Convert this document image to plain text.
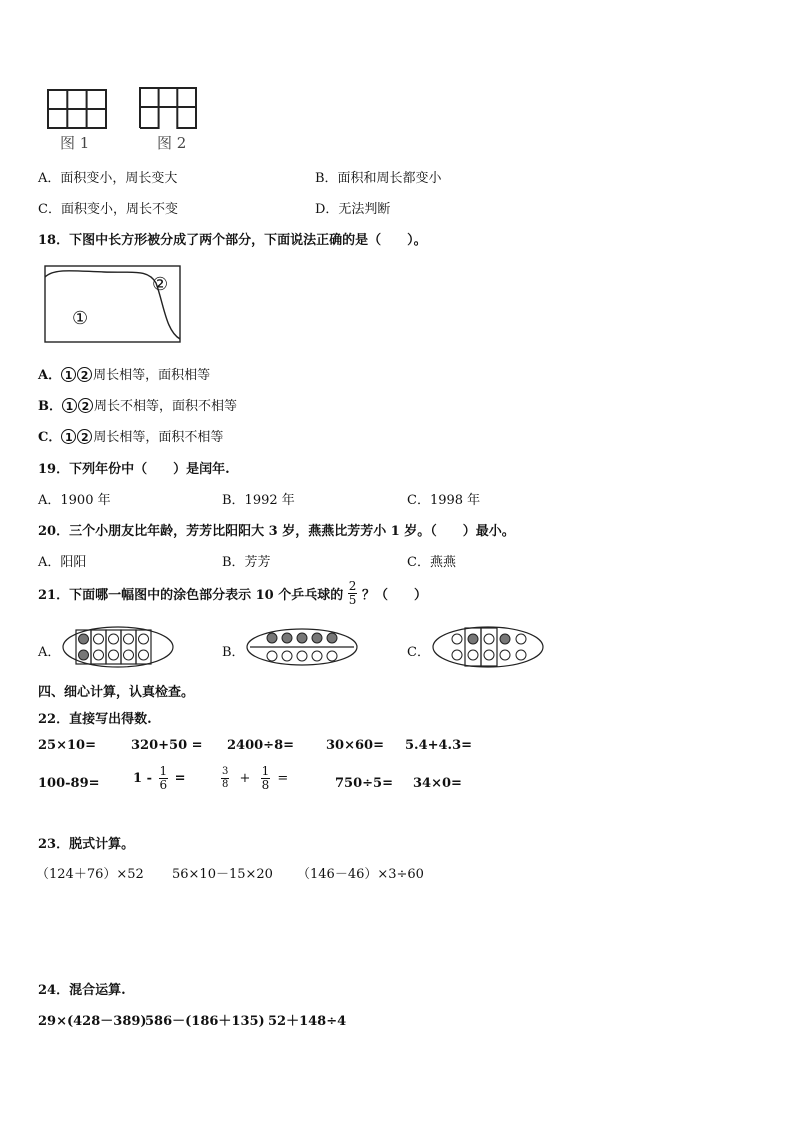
图 1	图 2
A．面积变小，周长变大	B．面积和周长都变小
C．面积变小，周长不变	D．无法判断
18．下图中长方形被分成了两个部分，下面说法正确的是（　　）。
①
②
A． 1 2 周长相等，面积相等
B． 1 2 周长不相等，面积不相等
C． 1 2 周长相等，面积不相等
19．下列年份中（　　）是闰年.
A．1900 年	B．1992 年	C．1998 年
20．三个小朋友比年龄，芳芳比阳阳大 3 岁，燕燕比芳芳小 1 岁。（　　）最小。
A．阳阳	B．芳芳	C．燕燕
21．下面哪一幅图中的涂色部分表示 10 个乒乓球的 $\frac{2}{5}$ ？（　　）
A．	B．	C．
四、细心计算，认真检查。
22．直接写出得数.
25×10=	320+50 = 2400÷8= 30×60= 5.4+4.3=
100-89=	$1 - \frac{1}{6}$ =	$\frac{3}{8} + \frac{1}{8}$ =	750÷5= 34×0=
23．脱式计算。
（124＋76）×52 56×10－15×20 （146－46）×3÷60
24．混合运算.
29×(428－389)
586－(186＋135) 52＋148÷4
